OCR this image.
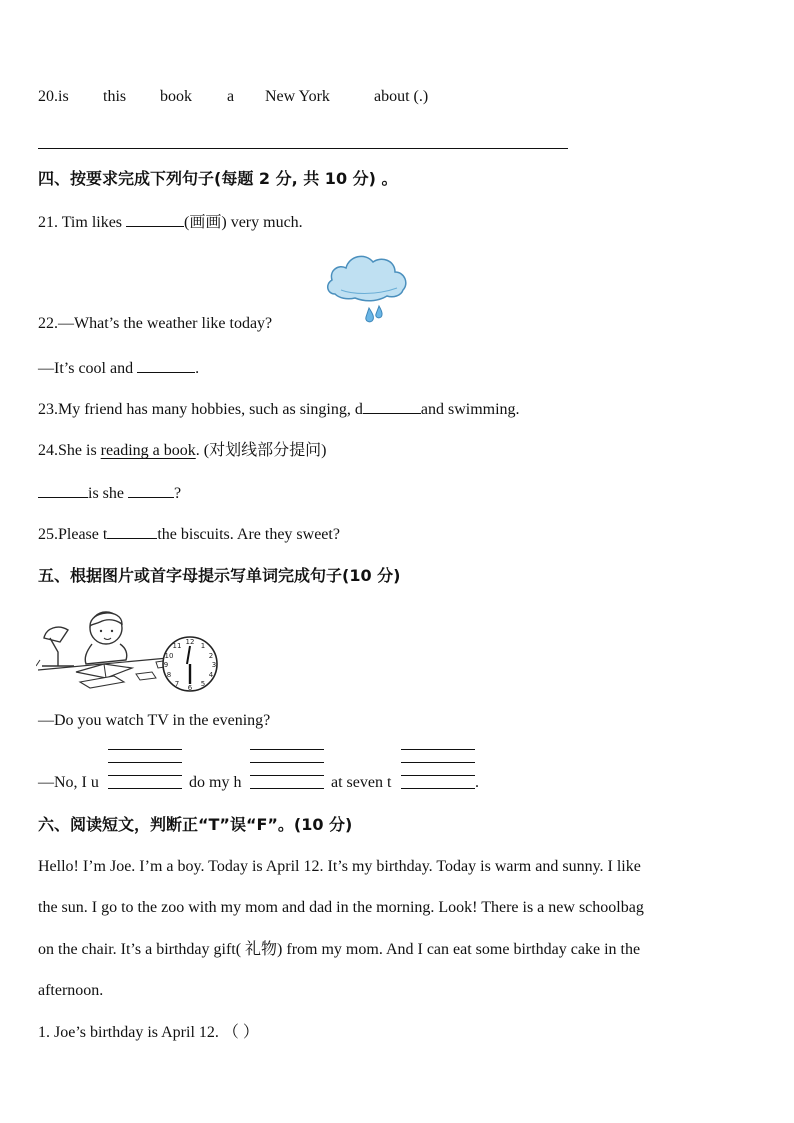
20.is this book a New York	about (.)
四、按要求完成下列句子(每题 2 分, 共 10 分) 。
21. Tim likes	(画画) very much.
22.—What’s the weather like today?
—It’s cool and	.
23.My friend has many hobbies, such as singing, d	and swimming.
24.She is reading a book. (对划线部分提问)
is she	?
25.Please t	the biscuits. Are they sweet?
五、根据图片或首字母提示写单词完成句子(10 分)
12 1
2
3
4
5
6
7
8
9
10
11
—Do you watch TV in the evening?
—No, I u	do my h	at seven t	.
六、阅读短文，判断正“T”误“F”。(10 分)
Hello! I’m Joe. I’m a boy. Today is April 12. It’s my birthday. Today is warm and sunny. I like
the sun. I go to the zoo with my mom and dad in the morning. Look! There is a new schoolbag
on the chair. It’s a birthday gift( 礼物) from my mom. And I can eat some birthday cake in the
afternoon.
1. Joe’s birthday is April 12. （ ）
